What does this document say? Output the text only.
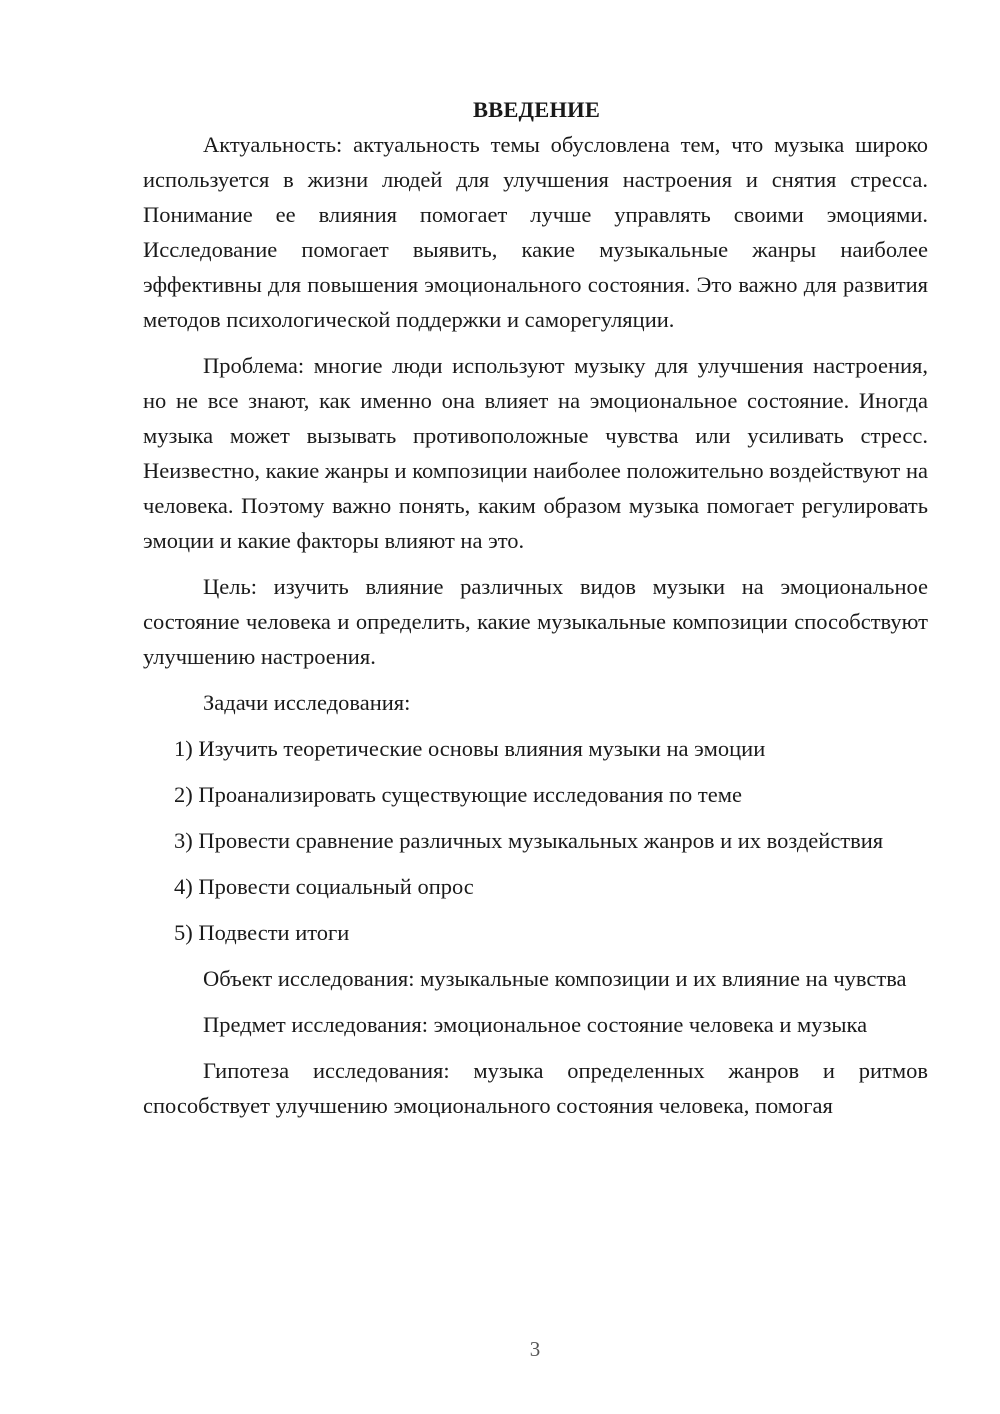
ВВЕДЕНИЕ

Актуальность: актуальность темы обусловлена тем, что музыка широко используется в жизни людей для улучшения настроения и снятия стресса. Понимание ее влияния помогает лучше управлять своими эмоциями. Исследование помогает выявить, какие музыкальные жанры наиболее эффективны для повышения эмоционального состояния. Это важно для развития методов психологической поддержки и саморегуляции.

Проблема: многие люди используют музыку для улучшения настроения, но не все знают, как именно она влияет на эмоциональное состояние. Иногда музыка может вызывать противоположные чувства или усиливать стресс. Неизвестно, какие жанры и композиции наиболее положительно воздействуют на человека. Поэтому важно понять, каким образом музыка помогает регулировать эмоции и какие факторы влияют на это.

Цель: изучить влияние различных видов музыки на эмоциональное состояние человека и определить, какие музыкальные композиции способствуют улучшению настроения.

Задачи исследования:

1) Изучить теоретические основы влияния музыки на эмоции

2) Проанализировать существующие исследования по теме

3) Провести сравнение различных музыкальных жанров и их воздействия

4) Провести социальный опрос

5) Подвести итоги

Объект исследования: музыкальные композиции и их влияние на чувства

Предмет исследования: эмоциональное состояние человека и музыка

Гипотеза исследования: музыка определенных жанров и ритмов способствует улучшению эмоционального состояния человека, помогая

3
